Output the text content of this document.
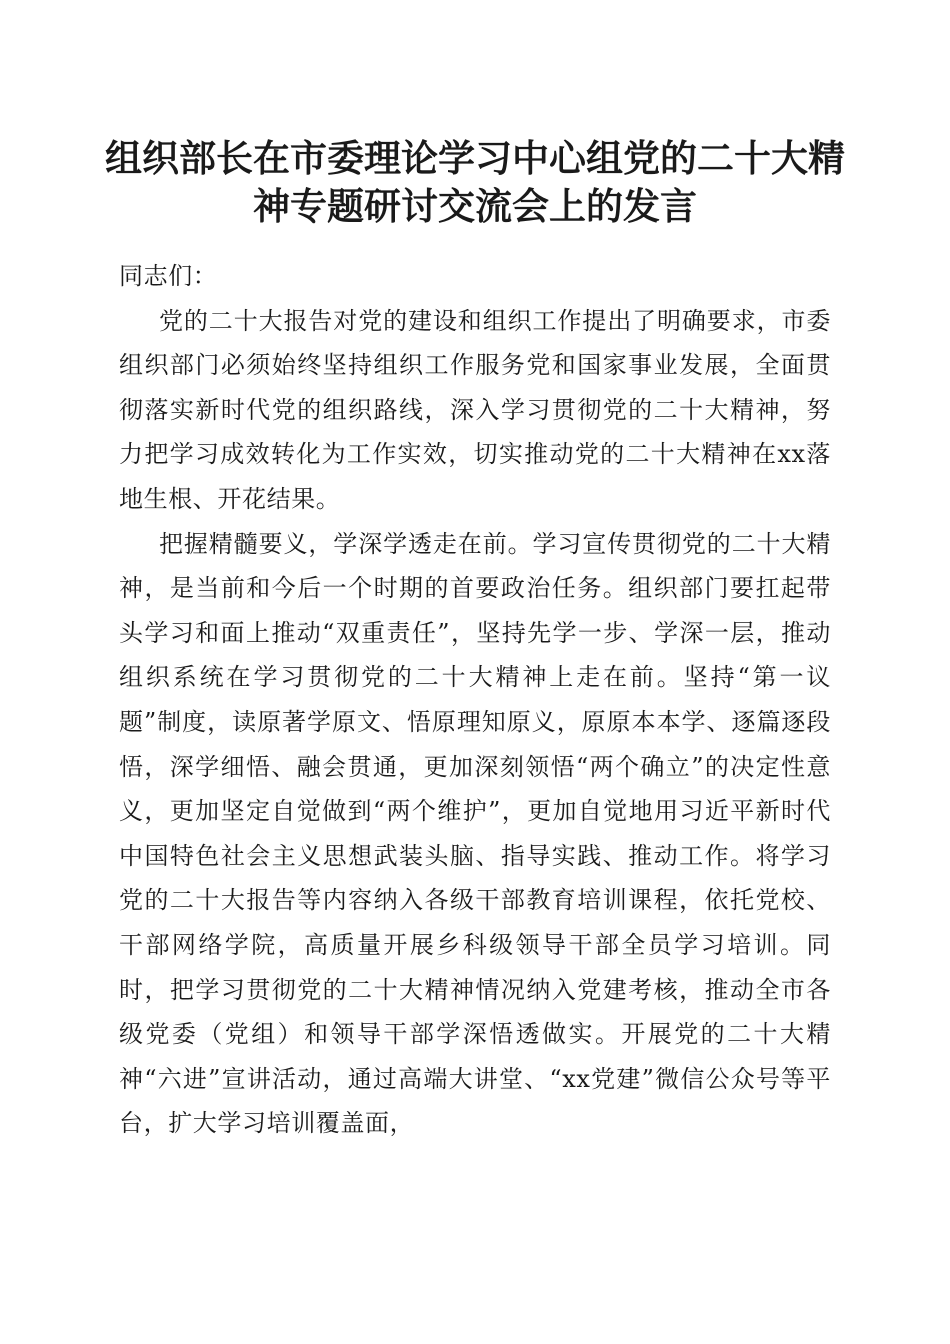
组织部长在市委理论学习中心组党的二十大精神专题研讨交流会上的发言

同志们：

党的二十大报告对党的建设和组织工作提出了明确要求，市委组织部门必须始终坚持组织工作服务党和国家事业发展，全面贯彻落实新时代党的组织路线，深入学习贯彻党的二十大精神，努力把学习成效转化为工作实效，切实推动党的二十大精神在xx落地生根、开花结果。

把握精髓要义，学深学透走在前。学习宣传贯彻党的二十大精神，是当前和今后一个时期的首要政治任务。组织部门要扛起带头学习和面上推动“双重责任”，坚持先学一步、学深一层，推动组织系统在学习贯彻党的二十大精神上走在前。坚持“第一议题”制度，读原著学原文、悟原理知原义，原原本本学、逐篇逐段悟，深学细悟、融会贯通，更加深刻领悟“两个确立”的决定性意义，更加坚定自觉做到“两个维护”，更加自觉地用习近平新时代中国特色社会主义思想武装头脑、指导实践、推动工作。将学习党的二十大报告等内容纳入各级干部教育培训课程，依托党校、干部网络学院，高质量开展乡科级领导干部全员学习培训。同时，把学习贯彻党的二十大精神情况纳入党建考核，推动全市各级党委（党组）和领导干部学深悟透做实。开展党的二十大精神“六进”宣讲活动，通过高端大讲堂、“xx党建”微信公众号等平台，扩大学习培训覆盖面，
